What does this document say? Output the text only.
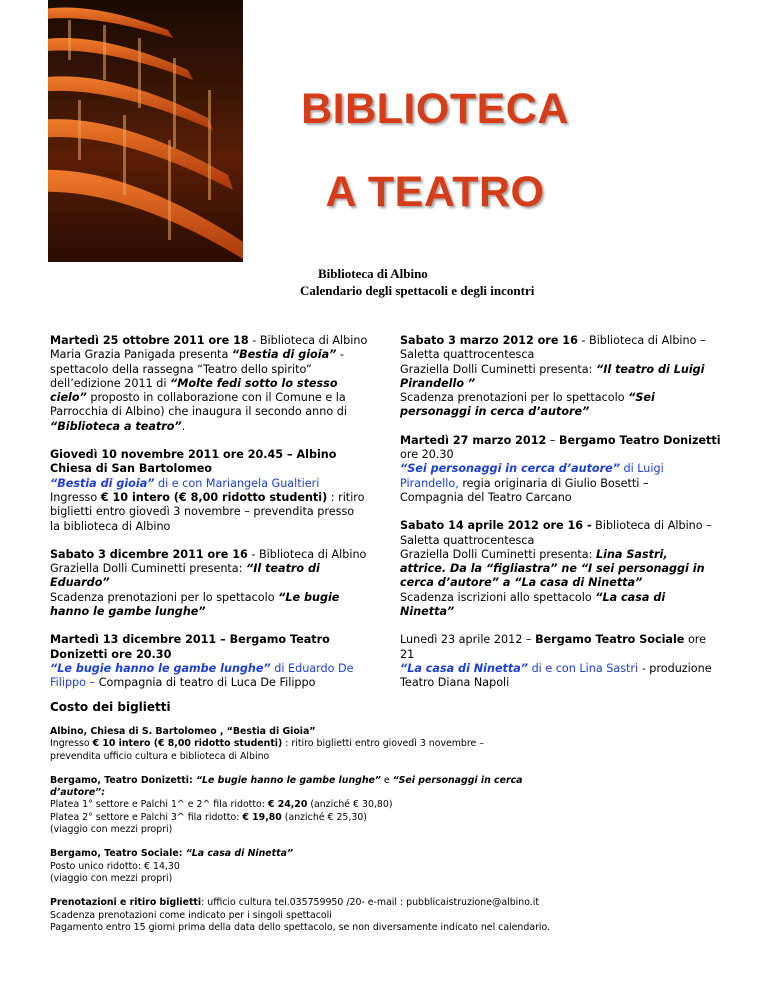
BIBLIOTECA
A TEATRO
Biblioteca di Albino
Calendario degli spettacoli e degli incontri
Martedì 25 ottobre 2011 ore 18 - Biblioteca di Albino
Maria Grazia Panigada presenta “Bestia di gioia” -
spettacolo della rassegna “Teatro dello spirito”
dell’edizione 2011 di “Molte fedi sotto lo stesso
cielo” proposto in collaborazione con il Comune e la
Parrocchia di Albino) che inaugura il secondo anno di
“Biblioteca a teatro”.
Giovedì 10 novembre 2011 ore 20.45 – Albino
Chiesa di San Bartolomeo
“Bestia di gioia” di e con Mariangela Gualtieri
Ingresso € 10 intero (€ 8,00 ridotto studenti) : ritiro
biglietti entro giovedì 3 novembre – prevendita presso
la biblioteca di Albino
Sabato 3 dicembre 2011 ore 16 - Biblioteca di Albino
Graziella Dolli Cuminetti presenta: “Il teatro di
Eduardo”
Scadenza prenotazioni per lo spettacolo “Le bugie
hanno le gambe lunghe”
Martedì 13 dicembre 2011 – Bergamo Teatro
Donizetti ore 20.30
“Le bugie hanno le gambe lunghe” di Eduardo De
Filippo – Compagnia di teatro di Luca De Filippo
Sabato 3 marzo 2012 ore 16 - Biblioteca di Albino –
Saletta quattrocentesca
Graziella Dolli Cuminetti presenta: “Il teatro di Luigi
Pirandello ”
Scadenza prenotazioni per lo spettacolo “Sei
personaggi in cerca d’autore”
Martedì 27 marzo 2012 – Bergamo Teatro Donizetti
ore 20.30
“Sei personaggi in cerca d’autore” di Luigi
Pirandello, regia originaria di Giulio Bosetti –
Compagnia del Teatro Carcano
Sabato 14 aprile 2012 ore 16 - Biblioteca di Albino –
Saletta quattrocentesca
Graziella Dolli Cuminetti presenta: Lina Sastri,
attrice. Da la “figliastra” ne “I sei personaggi in
cerca d’autore” a “La casa di Ninetta”
Scadenza iscrizioni allo spettacolo “La casa di
Ninetta”
Lunedì 23 aprile 2012 – Bergamo Teatro Sociale ore
21
“La casa di Ninetta” di e con Lina Sastri - produzione
Teatro Diana Napoli
Costo dei biglietti
Albino, Chiesa di S. Bartolomeo , “Bestia di Gioia”
Ingresso € 10 intero (€ 8,00 ridotto studenti) : ritiro biglietti entro giovedì 3 novembre –
prevendita ufficio cultura e biblioteca di Albino
Bergamo, Teatro Donizetti: “Le bugie hanno le gambe lunghe” e “Sei personaggi in cerca
d’autore”:
Platea 1° settore e Palchi 1^ e 2^ fila ridotto: € 24,20 (anziché € 30,80)
Platea 2° settore e Palchi 3^ fila ridotto: € 19,80 (anziché € 25,30)
(viaggio con mezzi propri)
Bergamo, Teatro Sociale: “La casa di Ninetta”
Posto unico ridotto: € 14,30
(viaggio con mezzi propri)
Prenotazioni e ritiro biglietti: ufficio cultura tel.035759950 /20- e-mail : pubblicaistruzione@albino.it
Scadenza prenotazioni come indicato per i singoli spettacoli
Pagamento entro 15 giorni prima della data dello spettacolo, se non diversamente indicato nel calendario.
